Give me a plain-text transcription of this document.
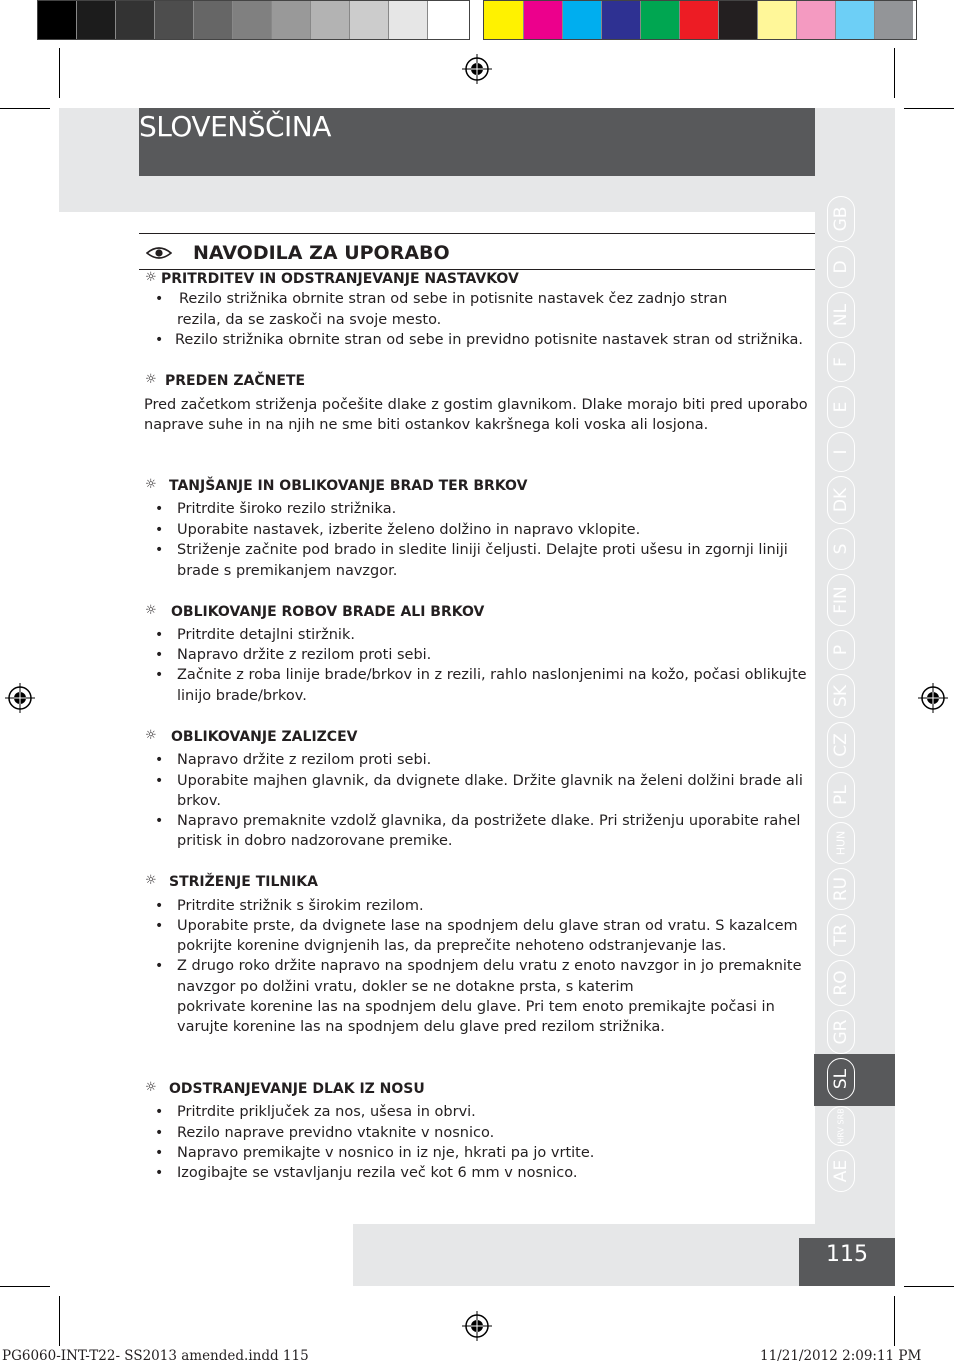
SLOVENŠČINA
GB
D
NL
F
E
I
DK
S
FIN
P
SK
CZ
PL
HUN
RU
TR
RO
GR
SL
HRV SRB
AE
115
NAVODILA ZA UPORABO
☼ PRITRDITEV IN ODSTRANJEVANJE NASTAVKOV
• Rezilo strižnika obrnite stran od sebe in potisnite nastavek čez zadnjo stran
rezila, da se zaskoči na svoje mesto.
• Rezilo strižnika obrnite stran od sebe in previdno potisnite nastavek stran od strižnika.
☼ PREDEN ZAČNETE
Pred začetkom striženja počešite dlake z gostim glavnikom. Dlake morajo biti pred uporabo
naprave suhe in na njih ne sme biti ostankov kakršnega koli voska ali losjona.
☼ TANJŠANJE IN OBLIKOVANJE BRAD TER BRKOV
• Pritrdite široko rezilo strižnika.
• Uporabite nastavek, izberite želeno dolžino in napravo vklopite.
• Striženje začnite pod brado in sledite liniji čeljusti. Delajte proti ušesu in zgornji liniji
brade s premikanjem navzgor.
☼ OBLIKOVANJE ROBOV BRADE ALI BRKOV
• Pritrdite detajlni stiržnik.
• Napravo držite z rezilom proti sebi.
• Začnite z roba linije brade/brkov in z rezili, rahlo naslonjenimi na kožo, počasi oblikujte
linijo brade/brkov.
☼ OBLIKOVANJE ZALIZCEV
• Napravo držite z rezilom proti sebi.
• Uporabite majhen glavnik, da dvignete dlake. Držite glavnik na želeni dolžini brade ali
brkov.
• Napravo premaknite vzdolž glavnika, da postrižete dlake. Pri striženju uporabite rahel
pritisk in dobro nadzorovane premike.
☼ STRIŽENJE TILNIKA
• Pritrdite strižnik s širokim rezilom.
• Uporabite prste, da dvignete lase na spodnjem delu glave stran od vratu. S kazalcem
pokrijte korenine dvignjenih las, da preprečite nehoteno odstranjevanje las.
• Z drugo roko držite napravo na spodnjem delu vratu z enoto navzgor in jo premaknite
navzgor po dolžini vratu, dokler se ne dotakne prsta, s katerim
pokrivate korenine las na spodnjem delu glave. Pri tem enoto premikajte počasi in
varujte korenine las na spodnjem delu glave pred rezilom strižnika.
☼ ODSTRANJEVANJE DLAK IZ NOSU
• Pritrdite priključek za nos, ušesa in obrvi.
• Rezilo naprave previdno vtaknite v nosnico.
• Napravo premikajte v nosnico in iz nje, hkrati pa jo vrtite.
• Izogibajte se vstavljanju rezila več kot 6 mm v nosnico.
PG6060-INT-T22- SS2013 amended.indd 115	11/21/2012 2:09:11 PM
